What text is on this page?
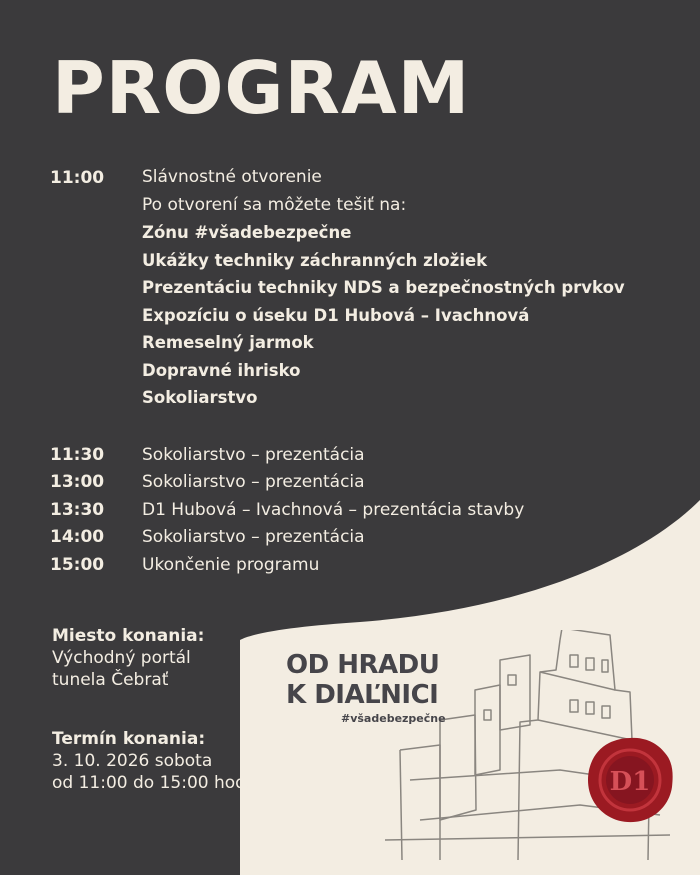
PROGRAM
11:00	Slávnostné otvorenie
Po otvorení sa môžete tešiť na:
Zónu #všadebezpečne
Ukážky techniky záchranných zložiek
Prezentáciu techniky NDS a bezpečnostných prvkov
Expozíciu o úseku D1 Hubová – Ivachnová
Remeselný jarmok
Dopravné ihrisko
Sokoliarstvo
11:30	Sokoliarstvo – prezentácia
13:00	Sokoliarstvo – prezentácia
13:30	D1 Hubová – Ivachnová – prezentácia stavby
14:00	Sokoliarstvo – prezentácia
15:00	Ukončenie programu
Miesto konania:
Východný portál
tunela Čebrať
Termín konania:
3. 10. 2026 sobota
od 11:00 do 15:00 hod.
OD HRADU
K DIAĽNICI
#všadebezpečne
D1
